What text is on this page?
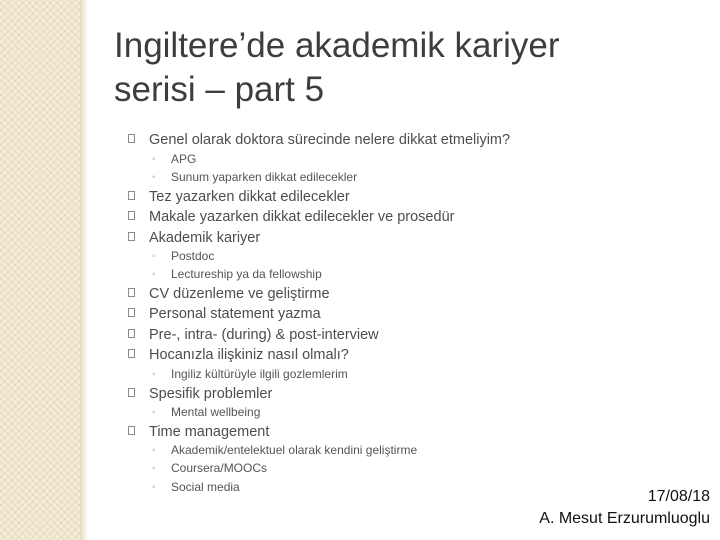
Ingiltere’de akademik kariyer
serisi – part 5
Genel olarak doktora sürecinde nelere dikkat etmeliyim?
◦ APG
◦ Sunum yaparken dikkat edilecekler
Tez yazarken dikkat edilecekler
Makale yazarken dikkat edilecekler ve prosedür
Akademik kariyer
◦ Postdoc
◦ Lectureship ya da fellowship
CV düzenleme ve geliştirme
Personal statement yazma
Pre-, intra- (during) & post-interview
Hocanızla ilişkiniz nasıl olmalı?
◦ Ingiliz kültürüyle ilgili gozlemlerim
Spesifik problemler
◦ Mental wellbeing
Time management
◦ Akademik/entelektuel olarak kendini geliştirme
◦ Coursera/MOOCs
◦ Social media
17/08/18
A. Mesut Erzurumluoglu
